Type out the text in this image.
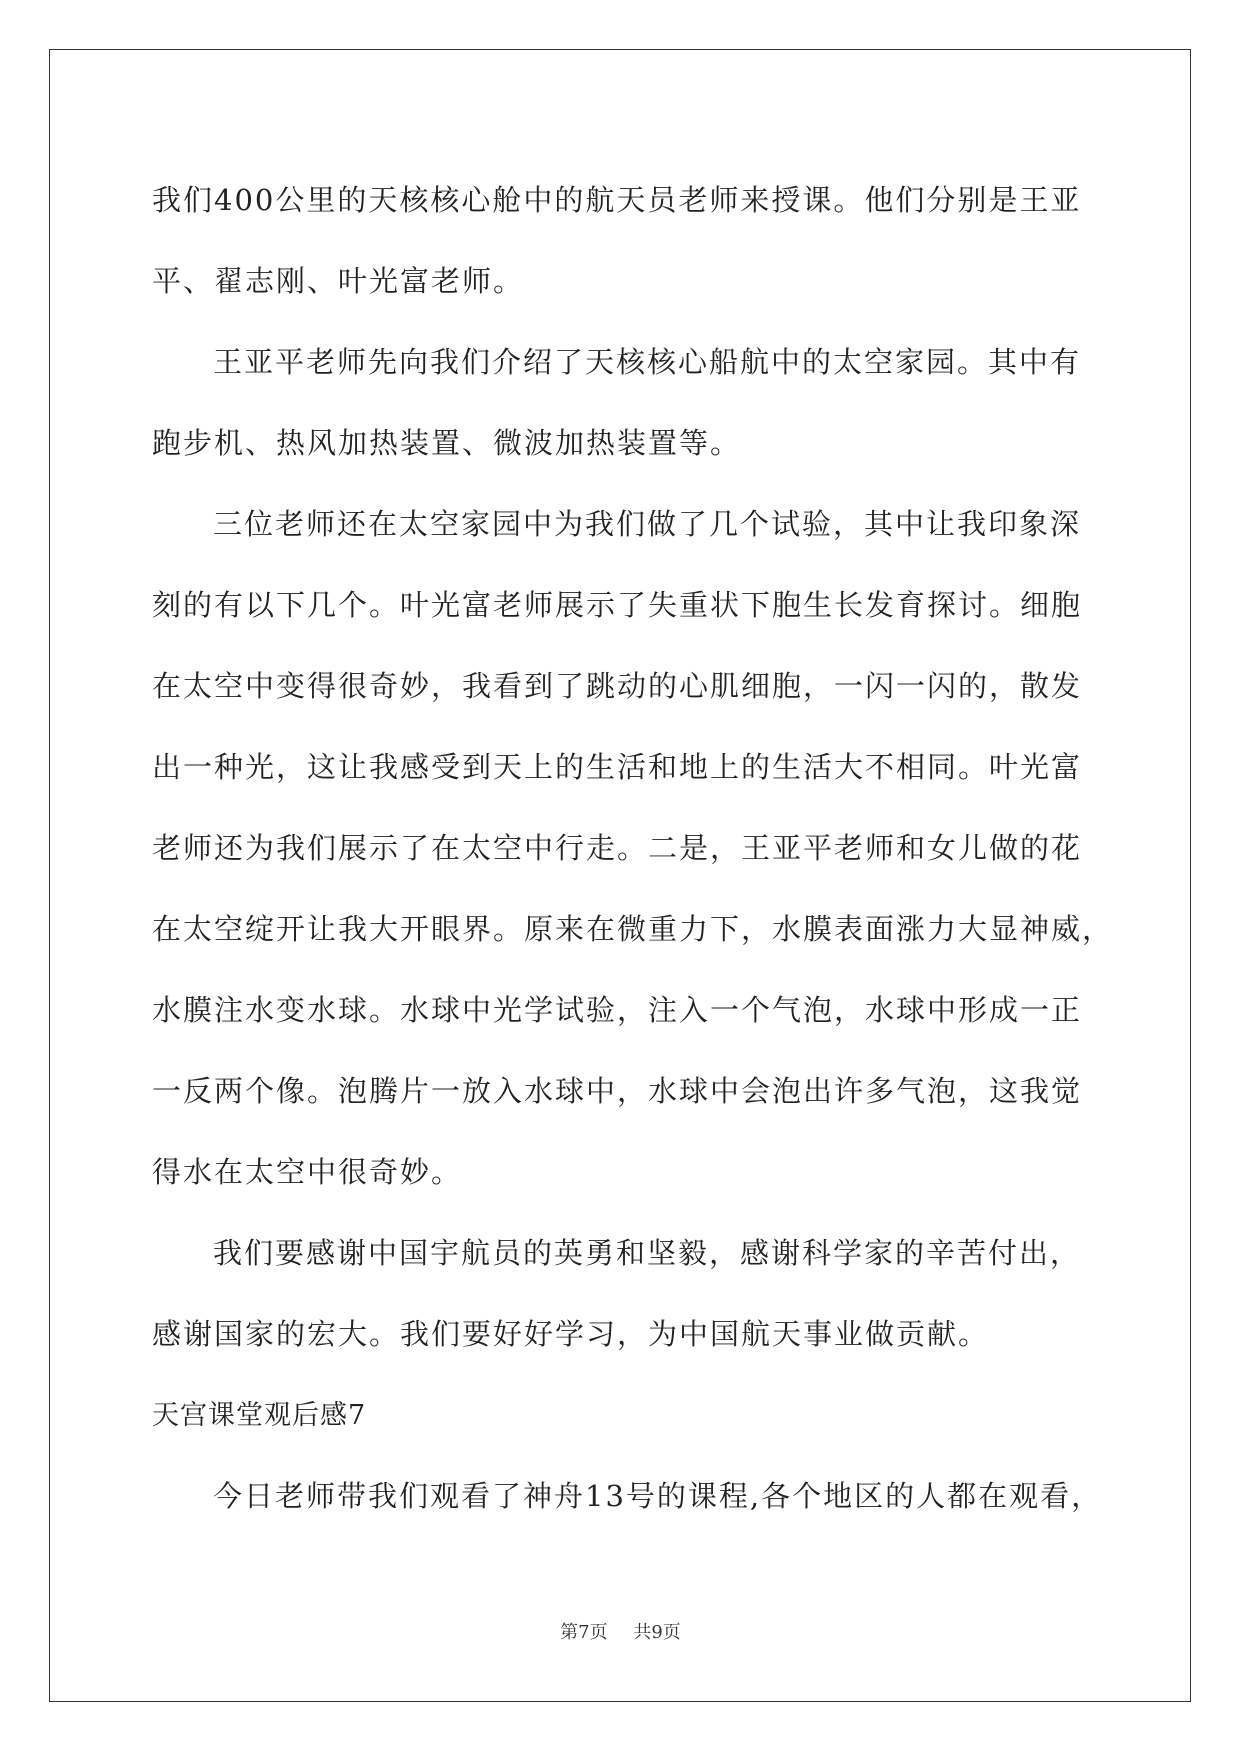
我们400公里的天核核心舱中的航天员老师来授课。他们分别是王亚
平、翟志刚、叶光富老师。
王亚平老师先向我们介绍了天核核心船航中的太空家园。其中有
跑步机、热风加热装置、微波加热装置等。
三位老师还在太空家园中为我们做了几个试验，其中让我印象深
刻的有以下几个。叶光富老师展示了失重状下胞生长发育探讨。细胞
在太空中变得很奇妙，我看到了跳动的心肌细胞，一闪一闪的，散发
出一种光，这让我感受到天上的生活和地上的生活大不相同。叶光富
老师还为我们展示了在太空中行走。二是，王亚平老师和女儿做的花
在太空绽开让我大开眼界。原来在微重力下，水膜表面涨力大显神威，
水膜注水变水球。水球中光学试验，注入一个气泡，水球中形成一正
一反两个像。泡腾片一放入水球中，水球中会泡出许多气泡，这我觉
得水在太空中很奇妙。
我们要感谢中国宇航员的英勇和坚毅，感谢科学家的辛苦付出，
感谢国家的宏大。我们要好好学习，为中国航天事业做贡献。
天宫课堂观后感7
今日老师带我们观看了神舟13号的课程,各个地区的人都在观看，
第7页 共9页
